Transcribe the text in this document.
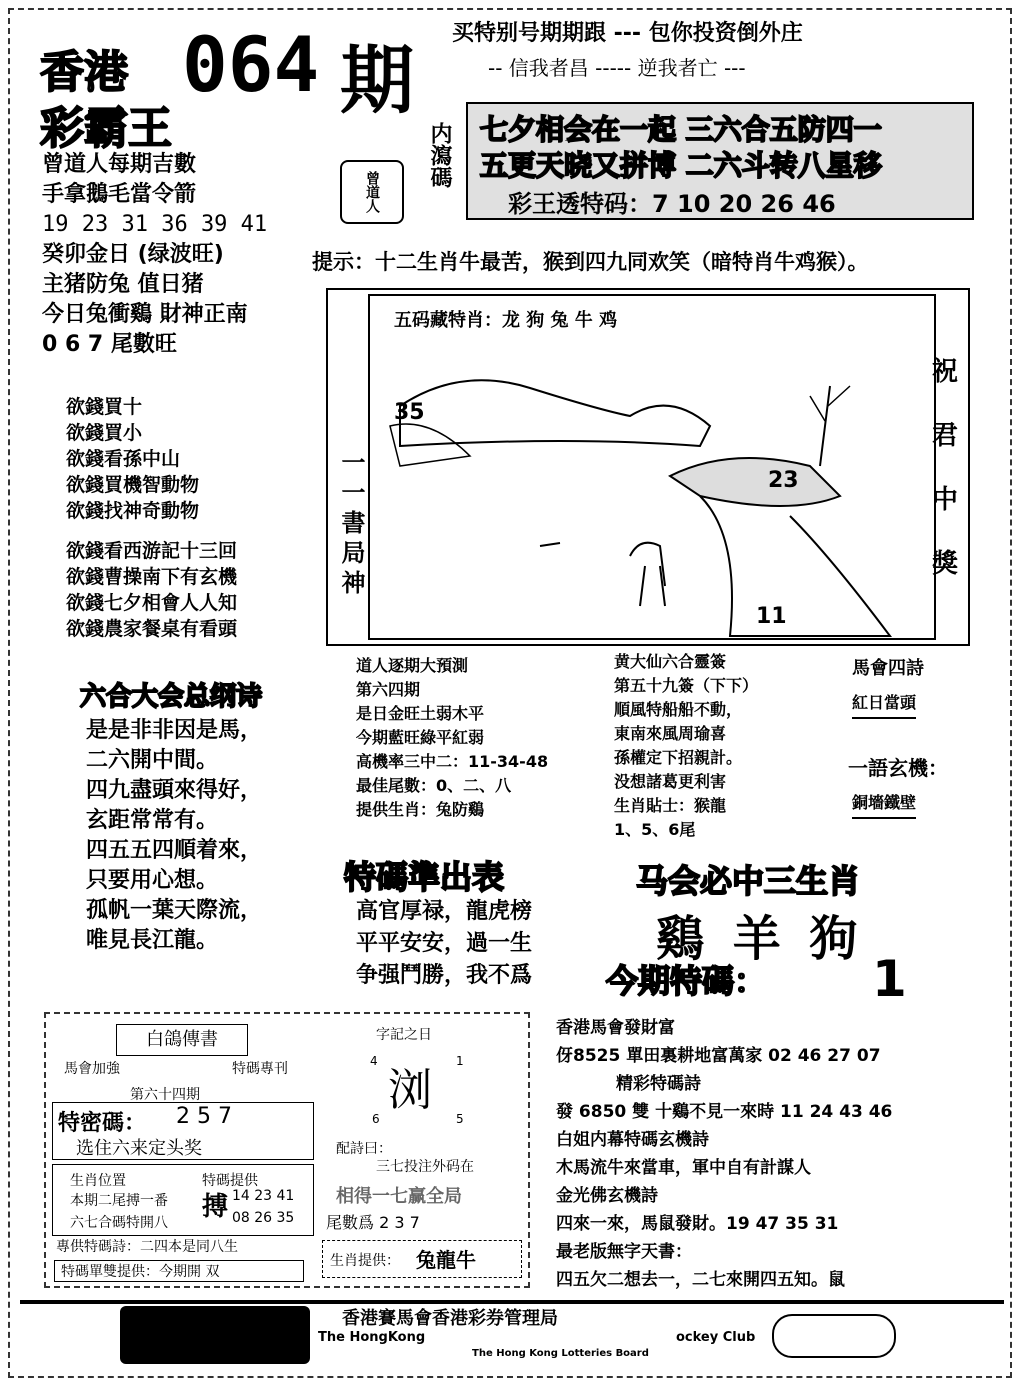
香港 064 期
彩霸王
买特别号期期跟 --- 包你投资倒外庄
-- 信我者昌 ----- 逆我者亡 ---
曾道人每期吉數
手拿鵝毛當令箭
19 23 31 36 39 41
癸卯金日 (绿波旺)
主猪防兔 值日猪
今日兔衝鷄 財神正南
0 6 7 尾數旺
曾道人
内瀉碼 七夕相会在一起 三六合五防四一
五更天晓又拼博 二六斗转八星移
彩王透特码：7 10 20 26 46
提示：十二生肖牛最苦，猴到四九同欢笑（暗特肖牛鸡猴）。
欲錢買十
欲錢買小
欲錢看孫中山
欲錢買機智動物
欲錢找神奇動物
欲錢看西游記十三回
欲錢曹操南下有玄機
欲錢七夕相會人人知
欲錢農家餐桌有看頭
一一書局神
五码藏特肖：龙 狗 兔 牛 鸡
35
23
11
祝
君
中
獎
六合大会总纲诗
是是非非因是馬，
二六開中間。
四九盡頭來得好，
玄距常常有。
四五五四順着來，
只要用心想。
孤帆一葉天際流，
唯見長江龍。
道人逐期大預測
第六四期
是日金旺土弱木平
今期藍旺綠平紅弱
高機率三中二：11-34-48
最佳尾數：0、二、八
提供生肖：兔防鷄
黄大仙六合靈簽
第五十九簽（下下）
順風特船船不動，
東南來風周瑜喜
孫權定下招親計。
没想諸葛更利害
生肖貼士：猴龍
1、5、6尾
馬會四詩
紅日當頭
一語玄機：
銅墻鐵壁
特碼準出表
高官厚禄，龍虎榜
平平安安，過一生
争强鬥勝，我不爲
马会必中三生肖
鷄 羊 狗
今期特碼： 1
白鴿傳書
馬會加強	特碼專刊
第六十四期
特密碼： 2 5 7
选住六来定头奖
生肖位置
本期二尾搏一番
六七合碼特開八
特碼提供
搏 14 23 41
08 26 35
專供特碼詩：二四本是同八生
特碼單雙提供：今期開 双
字記之日
4	1
浏
6	5
配詩曰：
三七投注外码在
相得一七赢全局
尾數爲 2 3 7
生肖提供： 兔龍牛
香港馬會發財富
伢8525 單田裏耕地富萬家 02 46 27 07
精彩特碼詩
發 6850 雙 十鷄不見一來時 11 24 43 46
白姐内幕特碼玄機詩
木馬流牛來當車，軍中自有計謀人
金光佛玄機詩
四來一來，馬鼠發財。19 47 35 31
最老版無字天書：
四五欠二想去一，二七來開四五知。鼠
香港賽馬會香港彩券管理局
The HongKong	ockey Club
The Hong Kong Lotteries Board
